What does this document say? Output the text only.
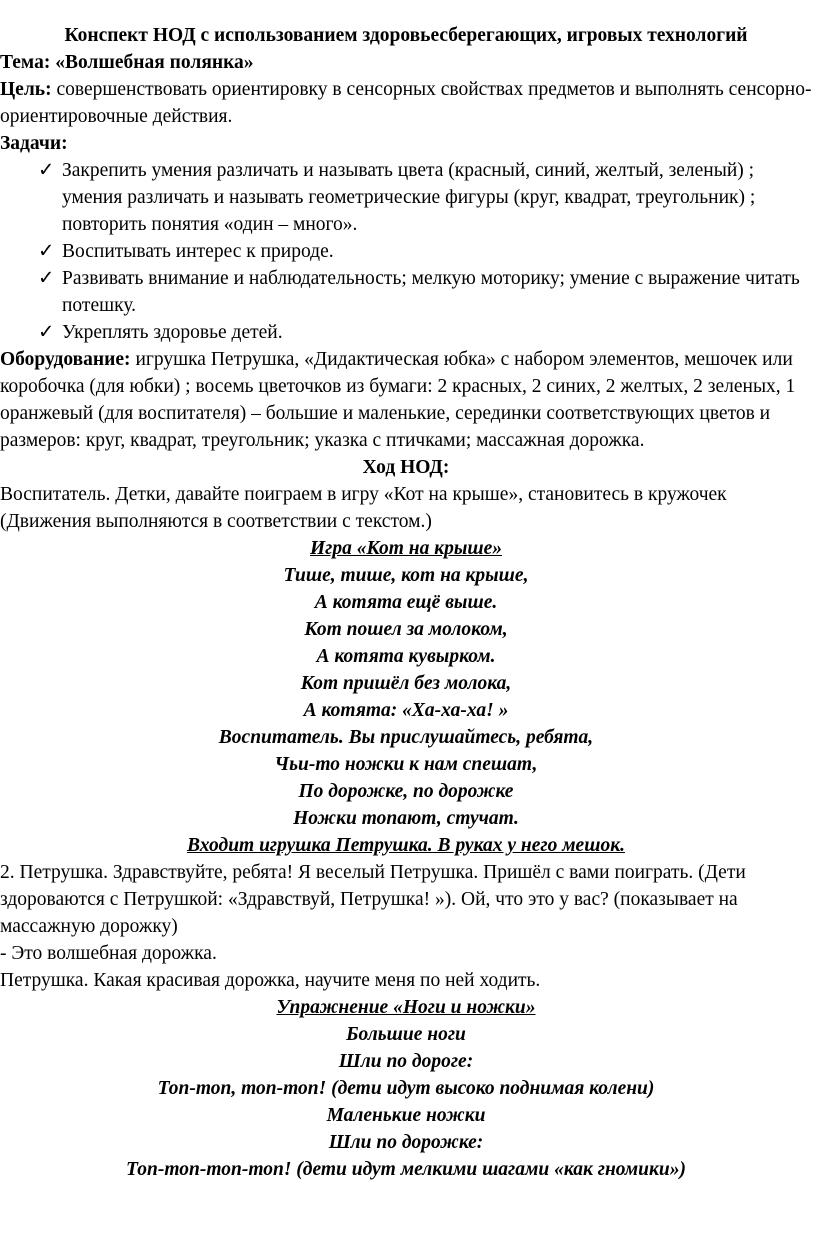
Конспект НОД с использованием здоровьесберегающих, игровых технологий

Тема: «Волшебная полянка»

Цель: совершенствовать ориентировку в сенсорных свойствах предметов и выполнять сенсорно-ориентировочные действия.

Задачи:

✓ Закрепить умения различать и называть цвета (красный, синий, желтый, зеленый) ; умения различать и называть геометрические фигуры (круг, квадрат, треугольник) ; повторить понятия «один – много».
✓ Воспитывать интерес к природе.
✓ Развивать внимание и наблюдательность; мелкую моторику; умение с выражение читать потешку.
✓ Укреплять здоровье детей.

Оборудование: игрушка Петрушка, «Дидактическая юбка» с набором элементов, мешочек или коробочка (для юбки) ; восемь цветочков из бумаги: 2 красных, 2 синих, 2 желтых, 2 зеленых, 1 оранжевый (для воспитателя) – большие и маленькие, серединки соответствующих цветов и размеров: круг, квадрат, треугольник; указка с птичками; массажная дорожка.

Ход НОД:

Воспитатель. Детки, давайте поиграем в игру «Кот на крыше», становитесь в кружочек (Движения выполняются в соответствии с текстом.)

Игра «Кот на крыше»

Тише, тише, кот на крыше,

А котята ещё выше.

Кот пошел за молоком,

А котята кувырком.

Кот пришёл без молока,

А котята: «Ха-ха-ха! »

Воспитатель. Вы прислушайтесь, ребята,

Чьи-то ножки к нам спешат,

По дорожке, по дорожке

Ножки топают, стучат.

Входит игрушка Петрушка. В руках у него мешок.

2. Петрушка. Здравствуйте, ребята! Я веселый Петрушка. Пришёл с вами поиграть. (Дети здороваются с Петрушкой: «Здравствуй, Петрушка! »). Ой, что это у вас? (показывает на массажную дорожку)

- Это волшебная дорожка.

Петрушка. Какая красивая дорожка, научите меня по ней ходить.

Упражнение «Ноги и ножки»

Большие ноги

Шли по дороге:

Топ-топ, топ-топ! (дети идут высоко поднимая колени)

Маленькие ножки

Шли по дорожке:

Топ-топ-топ-топ! (дети идут мелкими шагами «как гномики»)
